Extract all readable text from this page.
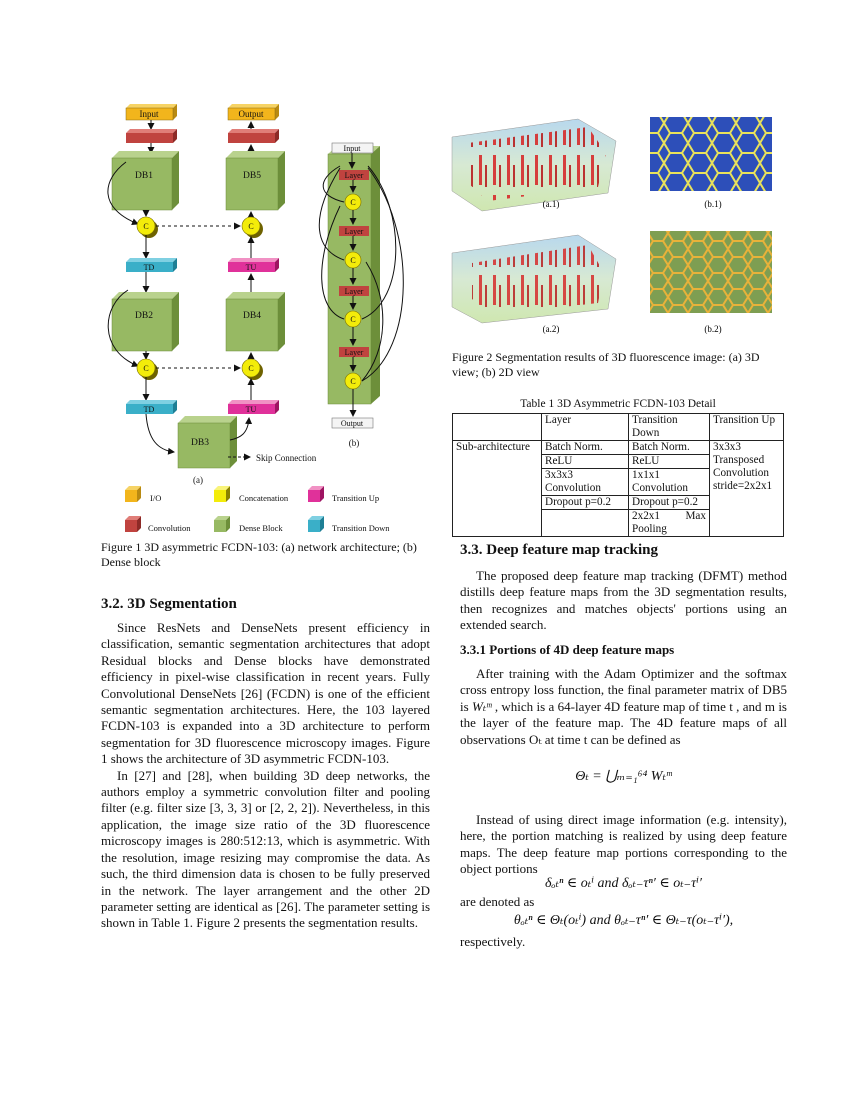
Input
DB1
C
TD
DB2
C
TD
DB3
Output
DB5
C
TU
DB4
C
TU
Skip Connection
(a)
I/O	Concatenation	Transition Up
Convolution	Dense Block	Transition Down
Input
Layer
C
Layer
C
Layer
C
Layer
C
Output
(b)
Figure 1 3D asymmetric FCDN-103: (a) network architecture; (b) Dense block
3.2. 3D Segmentation

Since ResNets and DenseNets present efficiency in classification, semantic segmentation architectures that adopt Residual blocks and Dense blocks have demonstrated efficiency in pixel-wise classification in recent years. Fully Convolutional DenseNets [26] (FCDN) is one of the efficient semantic segmentation architectures. Here, the 103 layered FCDN-103 is expanded into a 3D architecture to perform segmentation for 3D fluorescence microscopy images. Figure 1 shows the architecture of 3D asymmetric FCDN-103.

In [27] and [28], when building 3D deep networks, the authors employ a symmetric convolution filter and pooling filter (e.g. filter size [3, 3, 3] or [2, 2, 2]). Nevertheless, in this application, the image size ratio of the 3D fluorescence microscopy images is 280:512:13, which is asymmetric. With the resolution, image resizing may compromise the data. As such, the third dimension data is chosen to be fully preserved in the network. The layer arrangement and the other 2D parameter setting are identical as [26]. The parameter setting is shown in Table 1. Figure 2 presents the segmentation results.

(a.1)	(b.1)
(a.2)	(b.2)
Figure 2 Segmentation results of 3D fluorescence image: (a) 3D view; (b) 2D view
Table 1 3D Asymmetric FCDN-103 Detail
	Layer	Transition Down	Transition Up
Sub-architecture	Batch Norm.	Batch Norm.	3x3x3 Transposed Convolution stride=2x2x1
	ReLU	ReLU	
	3x3x3 Convolution	1x1x1 Convolution	
	Dropout p=0.2	Dropout p=0.2	
		2x2x1 Max Pooling	
3.3. Deep feature map tracking

The proposed deep feature map tracking (DFMT) method distills deep feature maps from the 3D segmentation results, then recognizes and matches objects' portions using an extended search.

3.3.1 Portions of 4D deep feature maps

After training with the Adam Optimizer and the softmax cross entropy loss function, the final parameter matrix of DB5 is Wₜᵐ , which is a 64-layer 4D feature map of time t , and m is the layer of the feature map. The 4D feature maps of all observations Oₜ at time t can be defined as

Θₜ = ⋃ₘ₌₁⁶⁴ Wₜᵐ

Instead of using direct image information (e.g. intensity), here, the portion matching is realized by using deep feature maps. The deep feature map portions corresponding to the object portions

δₒₜⁿ ∈ oₜⁱ and δₒₜ₋τⁿ′ ∈ oₜ₋τⁱ′

are denoted as

θₒₜⁿ ∈ Θₜ(oₜⁱ) and θₒₜ₋τⁿ′ ∈ Θₜ₋τ(oₜ₋τⁱ′),

respectively.
